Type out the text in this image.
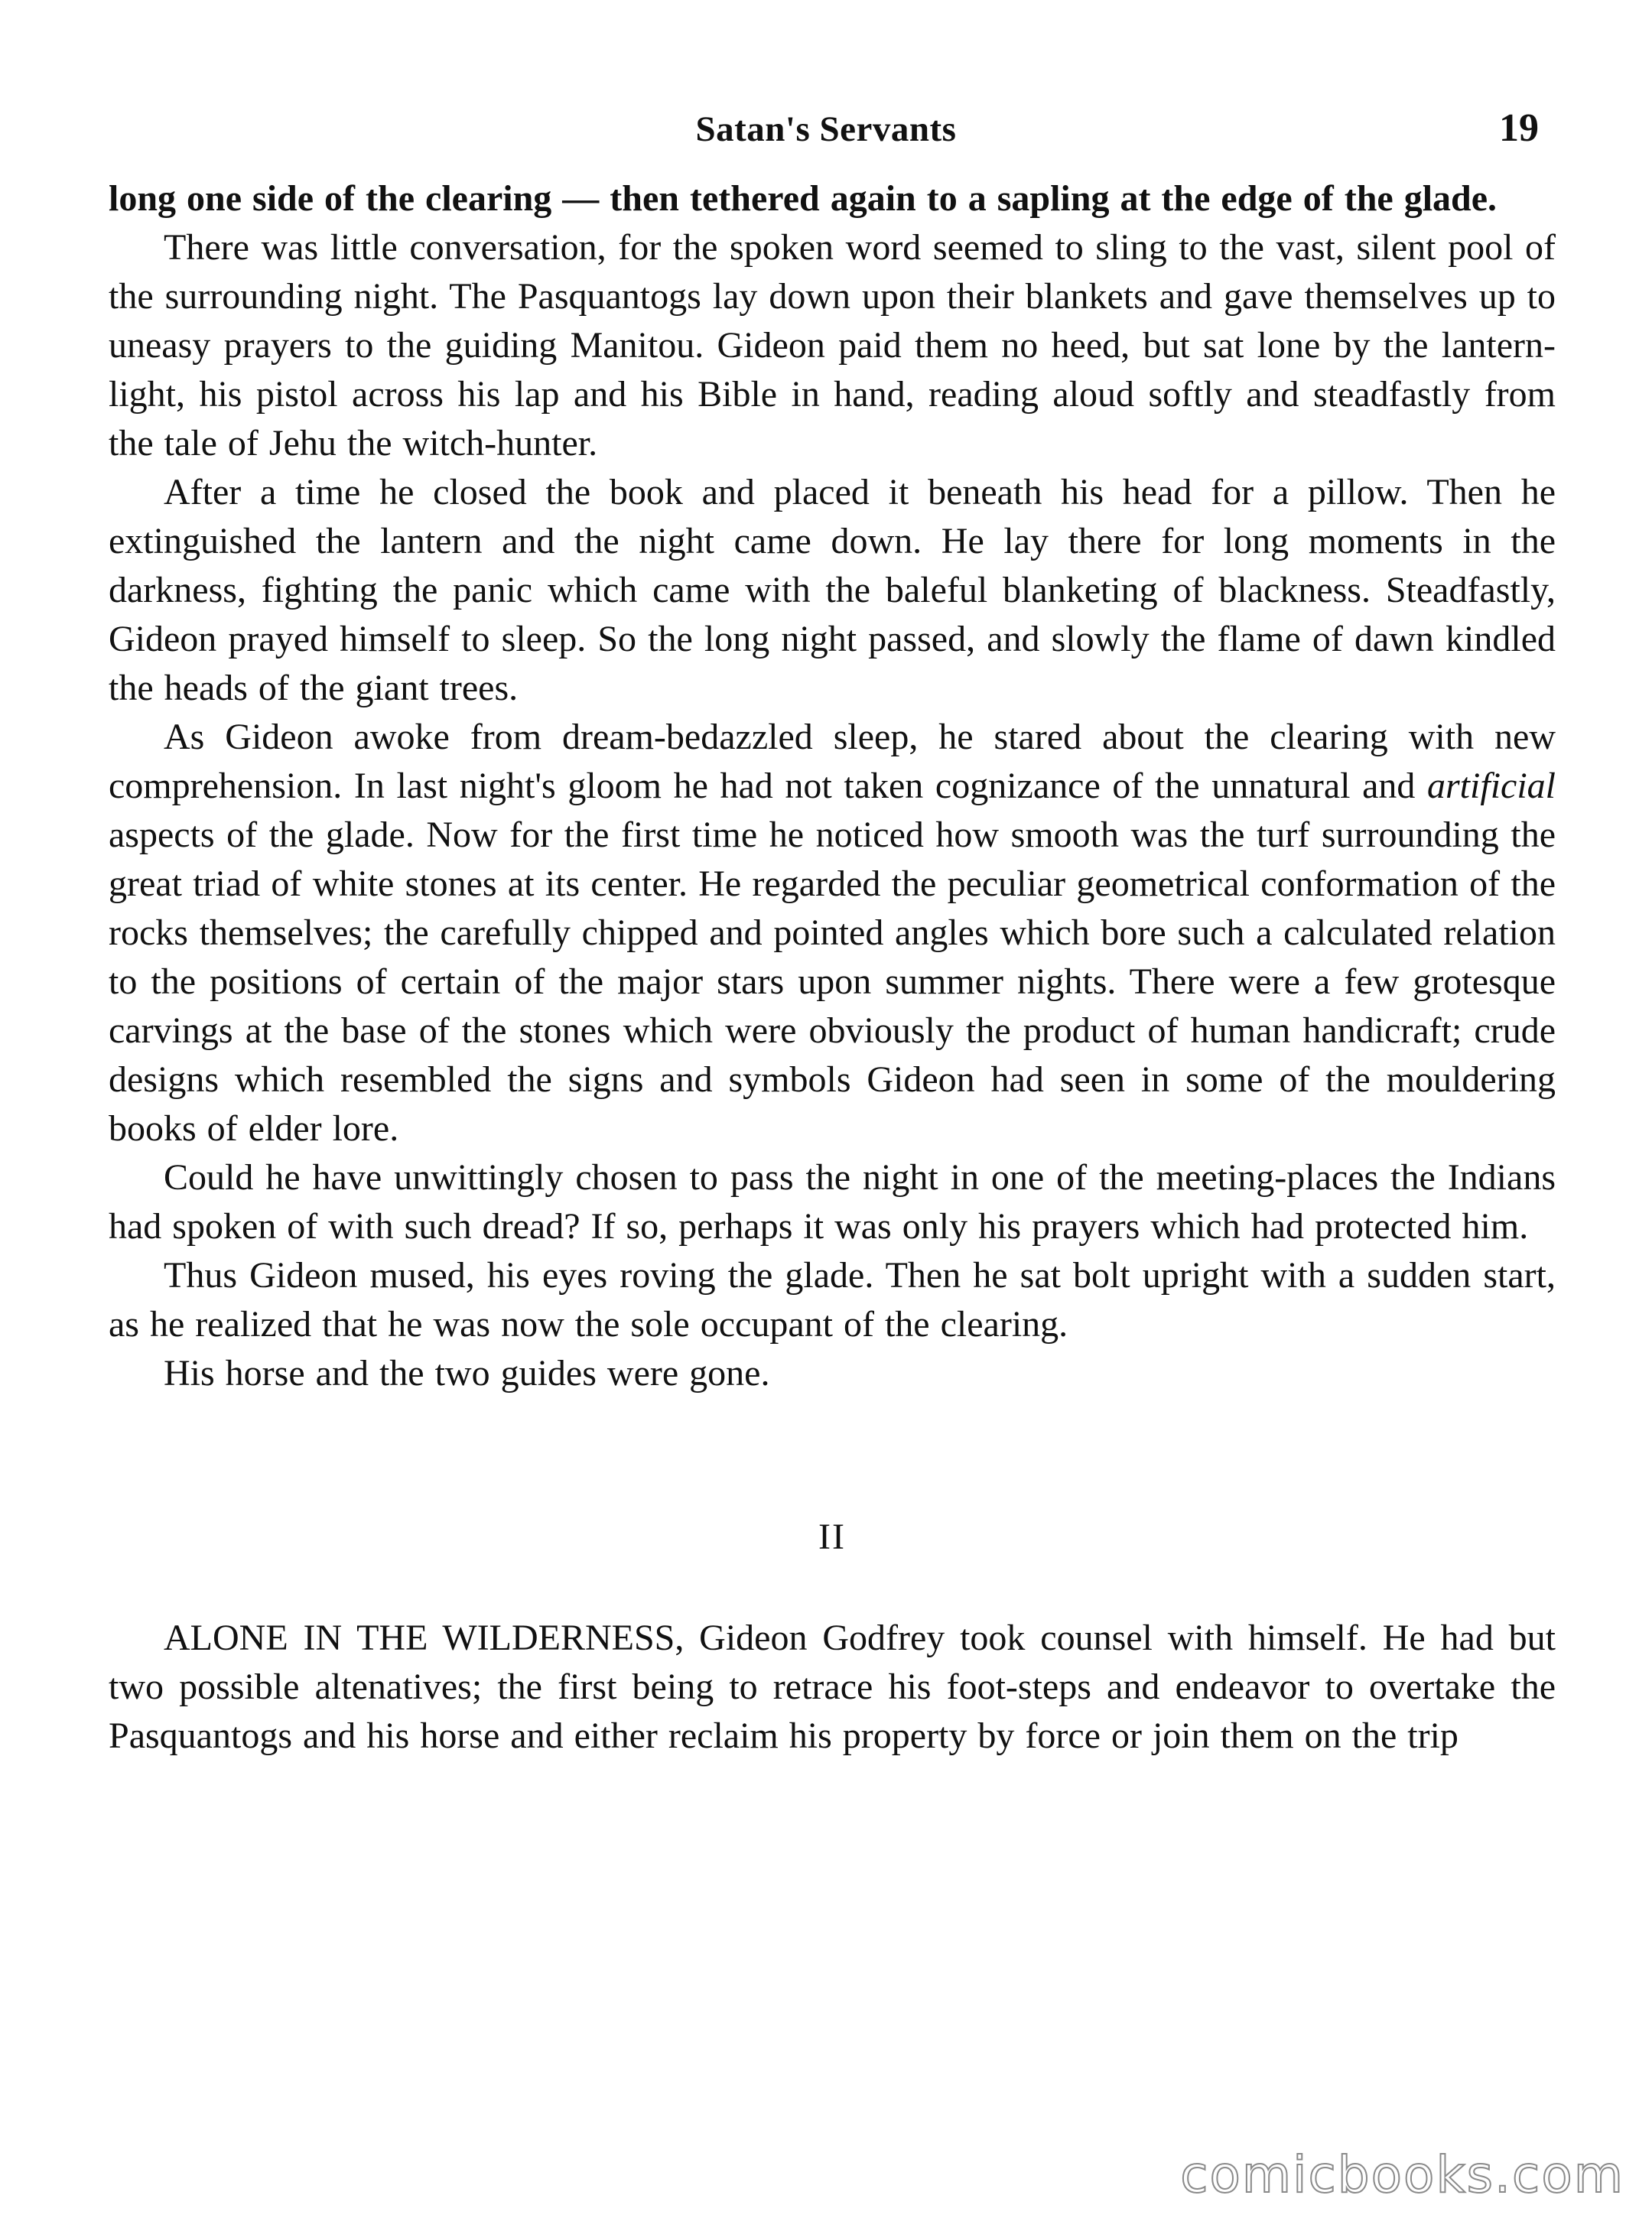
Satan's Servants	19

long one side of the clearing — then tethered again to a sapling at the edge of the glade.

There was little conversation, for the spoken word seemed to sling to the vast, silent pool of the surrounding night. The Pasquantogs lay down upon their blankets and gave themselves up to uneasy prayers to the guiding Manitou. Gideon paid them no heed, but sat lone by the lantern-light, his pistol across his lap and his Bible in hand, reading aloud softly and steadfastly from the tale of Jehu the witch-hunter.

After a time he closed the book and placed it beneath his head for a pillow. Then he extinguished the lantern and the night came down. He lay there for long moments in the darkness, fighting the panic which came with the baleful blanketing of blackness. Steadfastly, Gideon prayed himself to sleep. So the long night passed, and slowly the flame of dawn kindled the heads of the giant trees.

As Gideon awoke from dream-bedazzled sleep, he stared about the clearing with new comprehension. In last night's gloom he had not taken cognizance of the unnatural and artificial aspects of the glade. Now for the first time he noticed how smooth was the turf surrounding the great triad of white stones at its center. He regarded the peculiar geometrical conformation of the rocks themselves; the carefully chipped and pointed angles which bore such a calculated relation to the positions of certain of the major stars upon summer nights. There were a few grotesque carvings at the base of the stones which were obviously the product of human handicraft; crude designs which resembled the signs and symbols Gideon had seen in some of the mouldering books of elder lore.

Could he have unwittingly chosen to pass the night in one of the meeting-places the Indians had spoken of with such dread? If so, perhaps it was only his prayers which had protected him.

Thus Gideon mused, his eyes roving the glade. Then he sat bolt upright with a sudden start, as he realized that he was now the sole occupant of the clearing.

His horse and the two guides were gone.

II

ALONE IN THE WILDERNESS, Gideon Godfrey took counsel with himself. He had but two possible altenatives; the first being to retrace his foot-steps and endeavor to overtake the Pasquantogs and his horse and either reclaim his property by force or join them on the trip

comicbooks.com
